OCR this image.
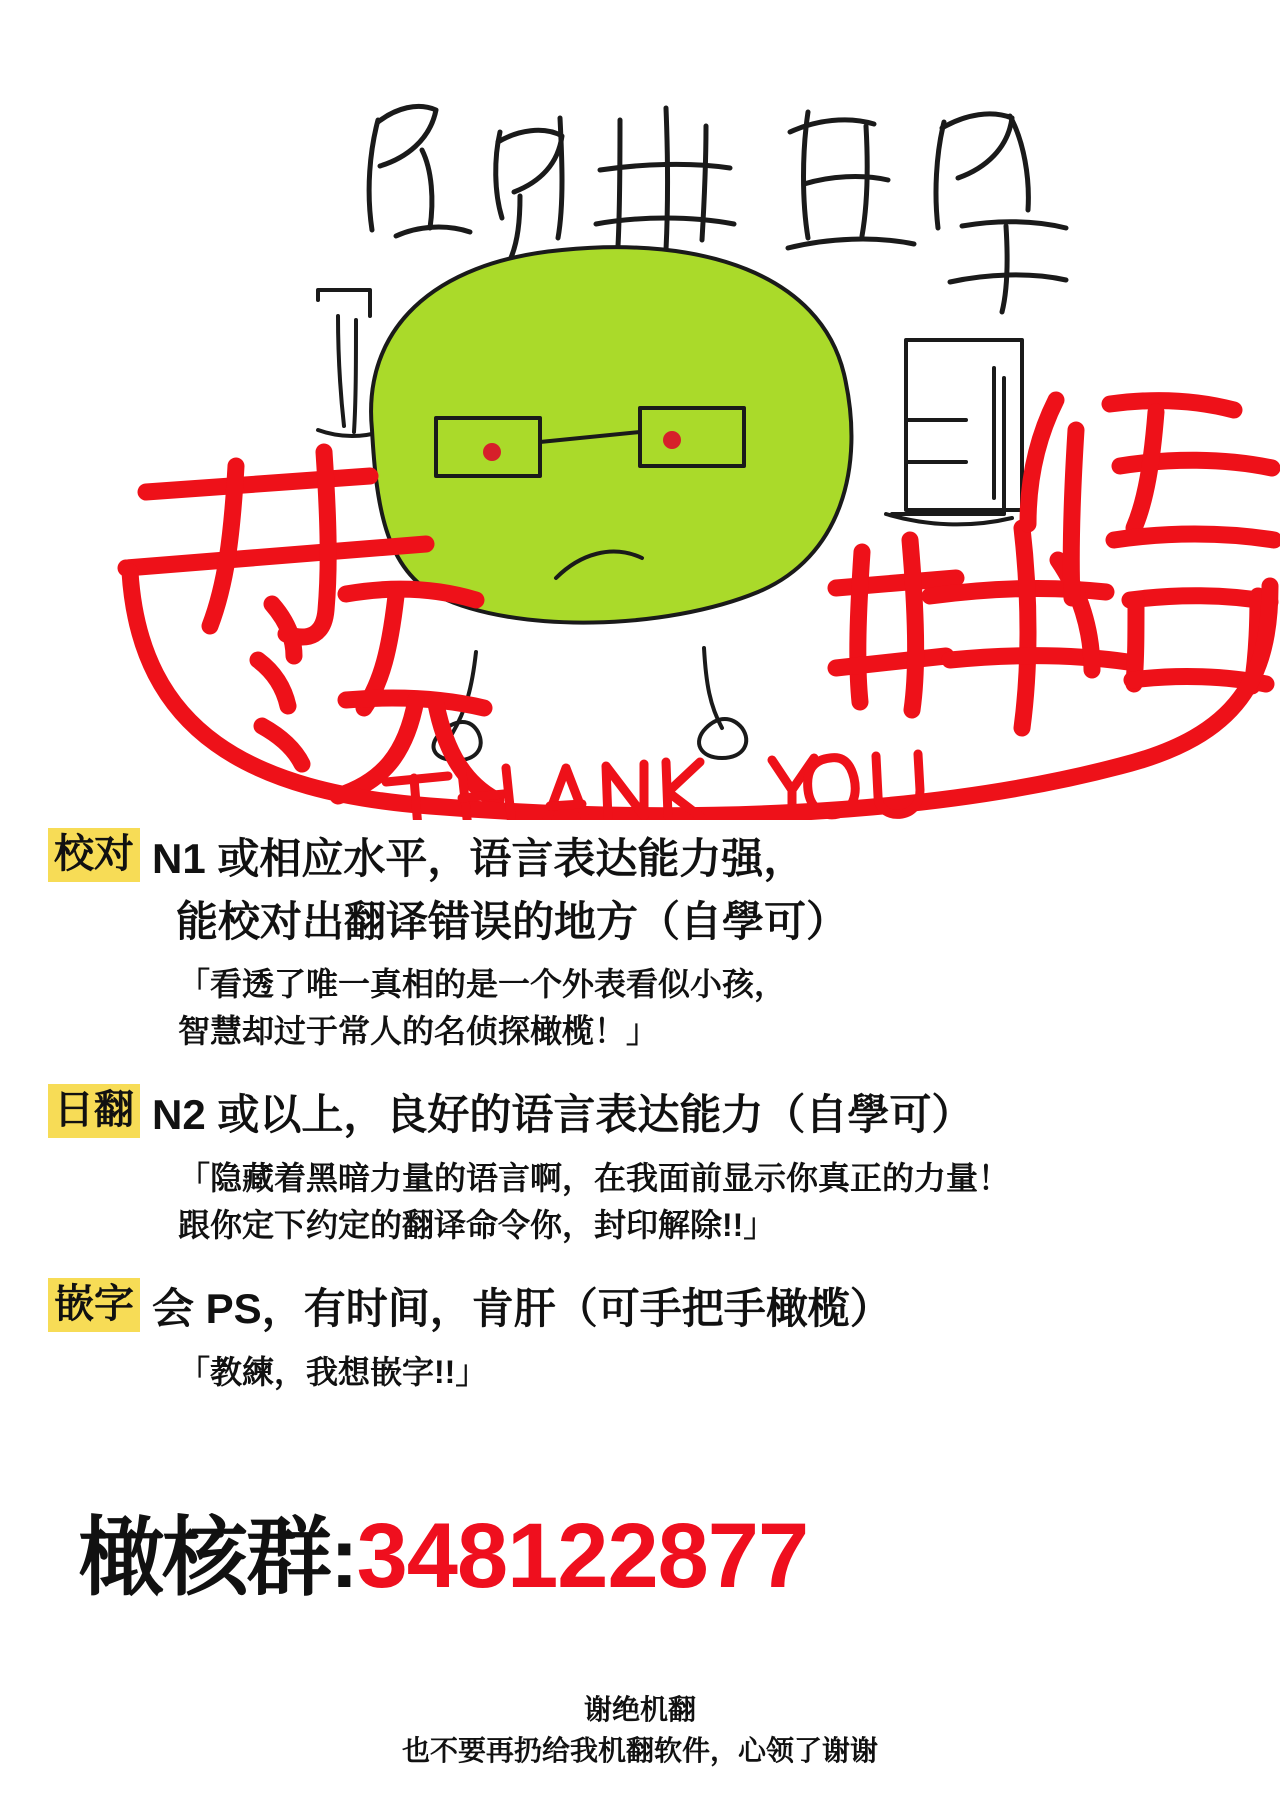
校对 N1 或相应水平，语言表达能力强，
能校对出翻译错误的地方（自學可）
「看透了唯一真相的是一个外表看似小孩，
智慧却过于常人的名侦探橄榄！」
日翻 N2 或以上，良好的语言表达能力（自學可）
「隐藏着黑暗力量的语言啊，在我面前显示你真正的力量！
跟你定下约定的翻译命令你，封印解除!!」
嵌字 会 PS，有时间，肯肝（可手把手橄榄）
「教練，我想嵌字!!」
橄核群:348122877
谢绝机翻
也不要再扔给我机翻软件，心领了谢谢
